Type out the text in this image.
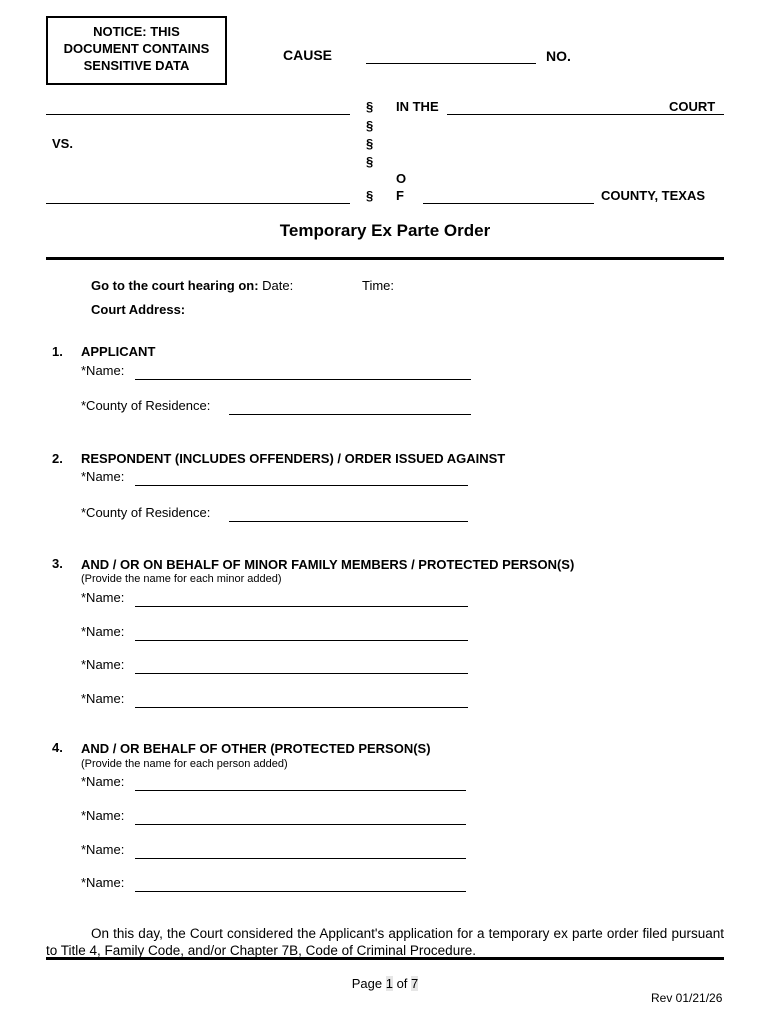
NOTICE: THIS
DOCUMENT CONTAINS
SENSITIVE DATA
CAUSE	NO.
VS.
§
§
§
§
§
IN THE	COURT
O
F	COUNTY, TEXAS
Temporary Ex Parte Order
Go to the court hearing on: Date:	Time:
Court Address:
1. APPLICANT
*Name:
*County of Residence:
2. RESPONDENT (INCLUDES OFFENDERS) / ORDER ISSUED AGAINST
*Name:
*County of Residence:
3. AND / OR ON BEHALF OF MINOR FAMILY MEMBERS / PROTECTED PERSON(S)
(Provide the name for each minor added)
*Name:
*Name:
*Name:
*Name:
4. AND / OR BEHALF OF OTHER (PROTECTED PERSON(S)
(Provide the name for each person added)
*Name:
*Name:
*Name:
*Name:
On this day, the Court considered the Applicant's application for a temporary ex parte order filed pursuant to Title 4, Family Code, and/or Chapter 7B, Code of Criminal Procedure.
Page 1 of 7
Rev 01/21/26
